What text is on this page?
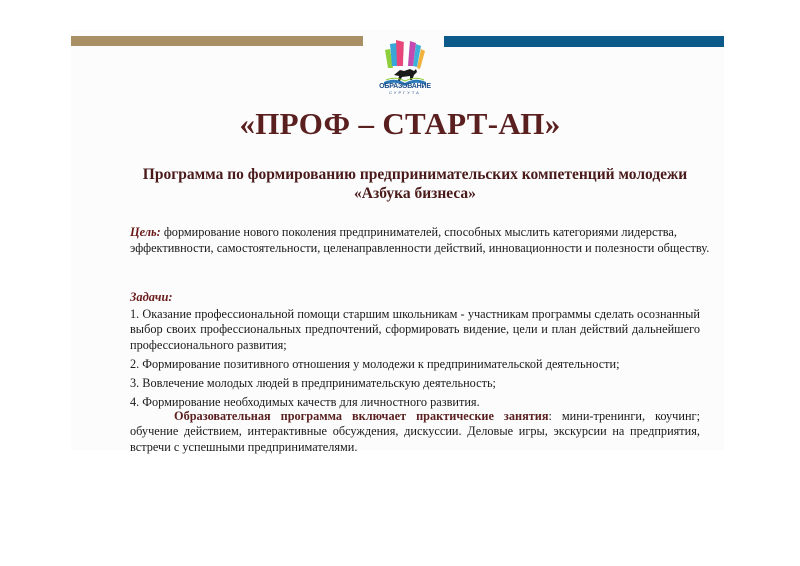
ОБРАЗОВАНИЕ
СУРГУТА
«ПРОФ – СТАРТ-АП»
Программа по формированию предпринимательских компетенций молодежи «Азбука бизнеса»
Цель: формирование нового поколения предпринимателей, способных мыслить категориями лидерства, эффективности, самостоятельности, целенаправленности действий, инновационности и полезности обществу.
Задачи:

1. Оказание профессиональной помощи старшим школьникам - участникам программы сделать осознанный выбор своих профессиональных предпочтений, сформировать видение, цели и план действий дальнейшего профессионального развития;

2. Формирование позитивного отношения у молодежи к предпринимательской деятельности;

3. Вовлечение молодых людей в предпринимательскую деятельность;

4. Формирование необходимых качеств для личностного развития.

Образовательная программа включает практические занятия: мини-тренинги, коучинг; обучение действием, интерактивные обсуждения, дискуссии. Деловые игры, экскурсии на предприятия, встречи с успешными предпринимателями.
